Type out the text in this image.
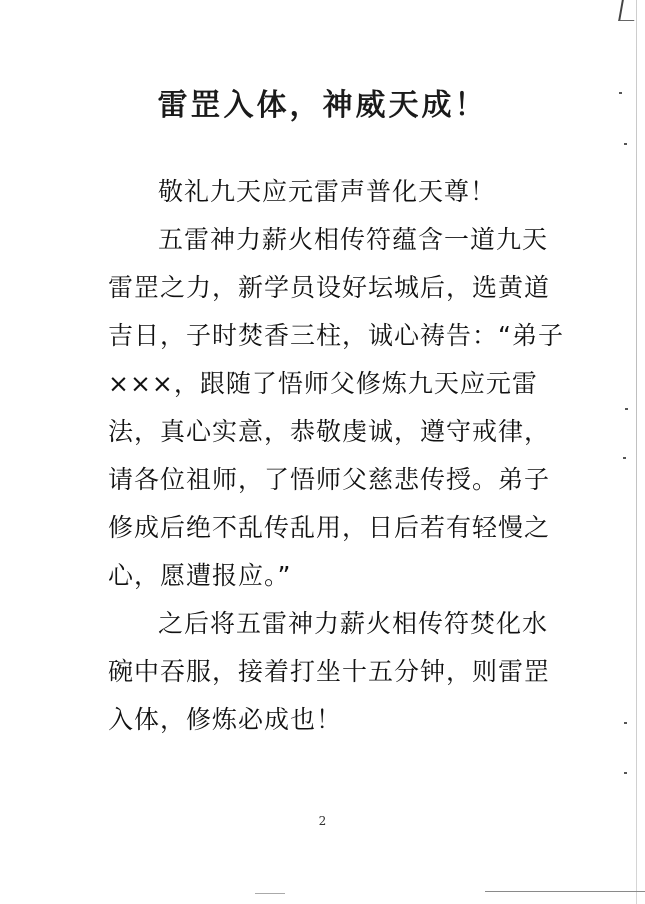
雷罡入体，神威天成！
敬礼九天应元雷声普化天尊！
五雷神力薪火相传符蕴含一道九天
雷罡之力，新学员设好坛城后，选黄道
吉日，子时焚香三柱，诚心祷告：“弟子
×××，跟随了悟师父修炼九天应元雷
法，真心实意，恭敬虔诚，遵守戒律，
请各位祖师，了悟师父慈悲传授。弟子
修成后绝不乱传乱用，日后若有轻慢之
心，愿遭报应。”
之后将五雷神力薪火相传符焚化水
碗中吞服，接着打坐十五分钟，则雷罡
入体，修炼必成也！
2
